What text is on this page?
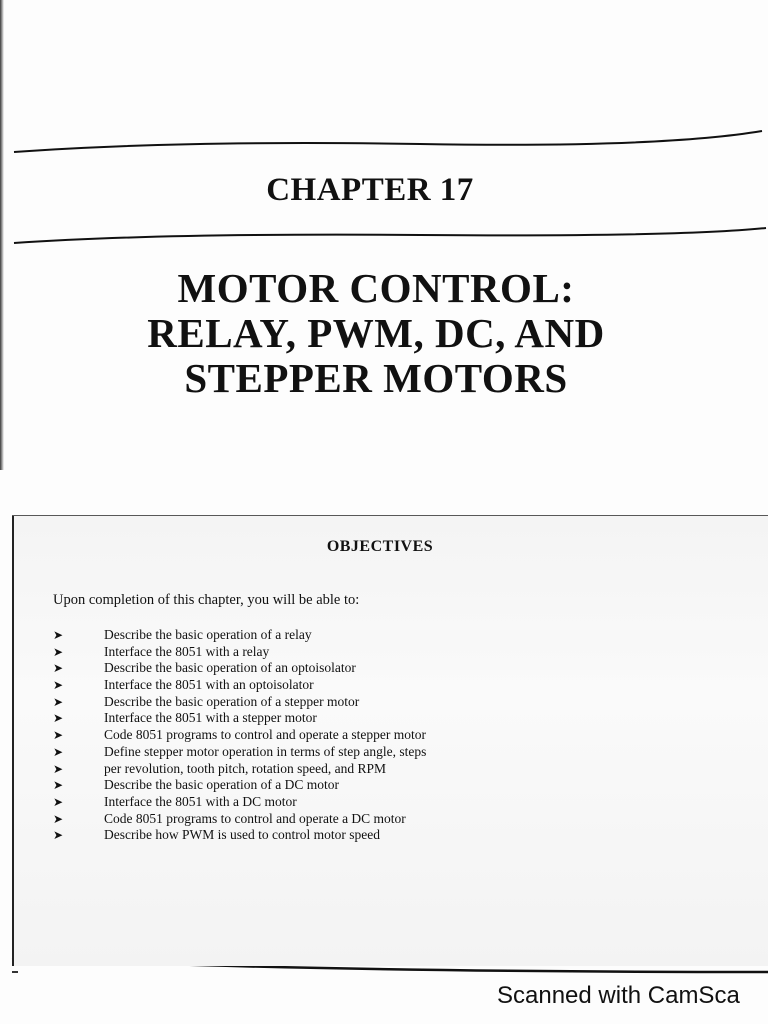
CHAPTER 17
MOTOR CONTROL:
RELAY, PWM, DC, AND
STEPPER MOTORS
OBJECTIVES
Upon completion of this chapter, you will be able to:
➤	Describe the basic operation of a relay
➤	Interface the 8051 with a relay
➤	Describe the basic operation of an optoisolator
➤	Interface the 8051 with an optoisolator
➤	Describe the basic operation of a stepper motor
➤	Interface the 8051 with a stepper motor
➤	Code 8051 programs to control and operate a stepper motor
➤	Define stepper motor operation in terms of step angle, steps
➤	per revolution, tooth pitch, rotation speed, and RPM
➤	Describe the basic operation of a DC motor
➤	Interface the 8051 with a DC motor
➤	Code 8051 programs to control and operate a DC motor
➤	Describe how PWM is used to control motor speed
Scanned with CamSca
